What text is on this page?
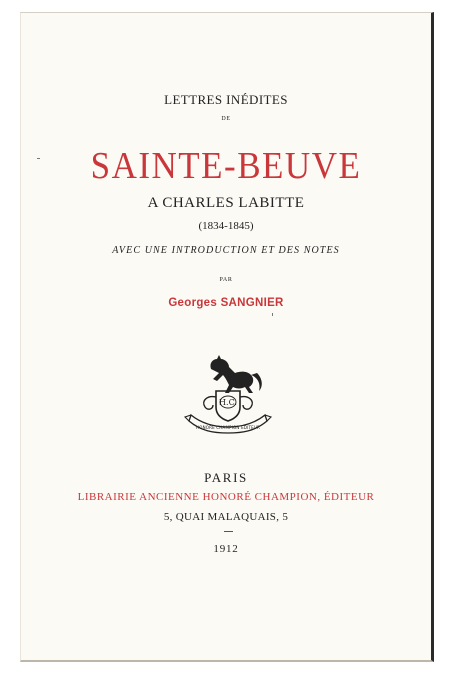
LETTRES INÉDITES
DE
SAINTE-BEUVE
A CHARLES LABITTE
(1834-1845)
AVEC UNE INTRODUCTION ET DES NOTES
PAR
Georges SANGNIER
H.C.
HONORE CHAMPION EDITEUR
PARIS
LIBRAIRIE ANCIENNE HONORÉ CHAMPION, ÉDITEUR
5, QUAI MALAQUAIS, 5
1912
